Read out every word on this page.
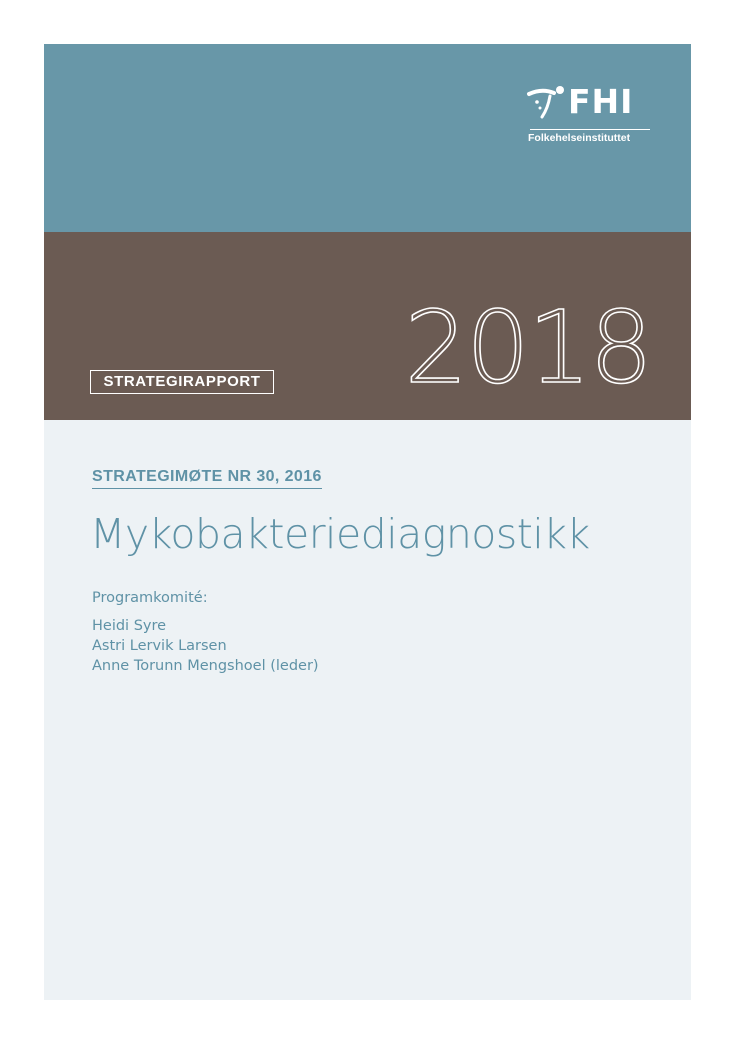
FHI
Folkehelseinstituttet
2018
STRATEGIRAPPORT
STRATEGIMØTE NR 30, 2016
Mykobakteriediagnostikk
Programkomité:
Heidi Syre
Astri Lervik Larsen
Anne Torunn Mengshoel (leder)
